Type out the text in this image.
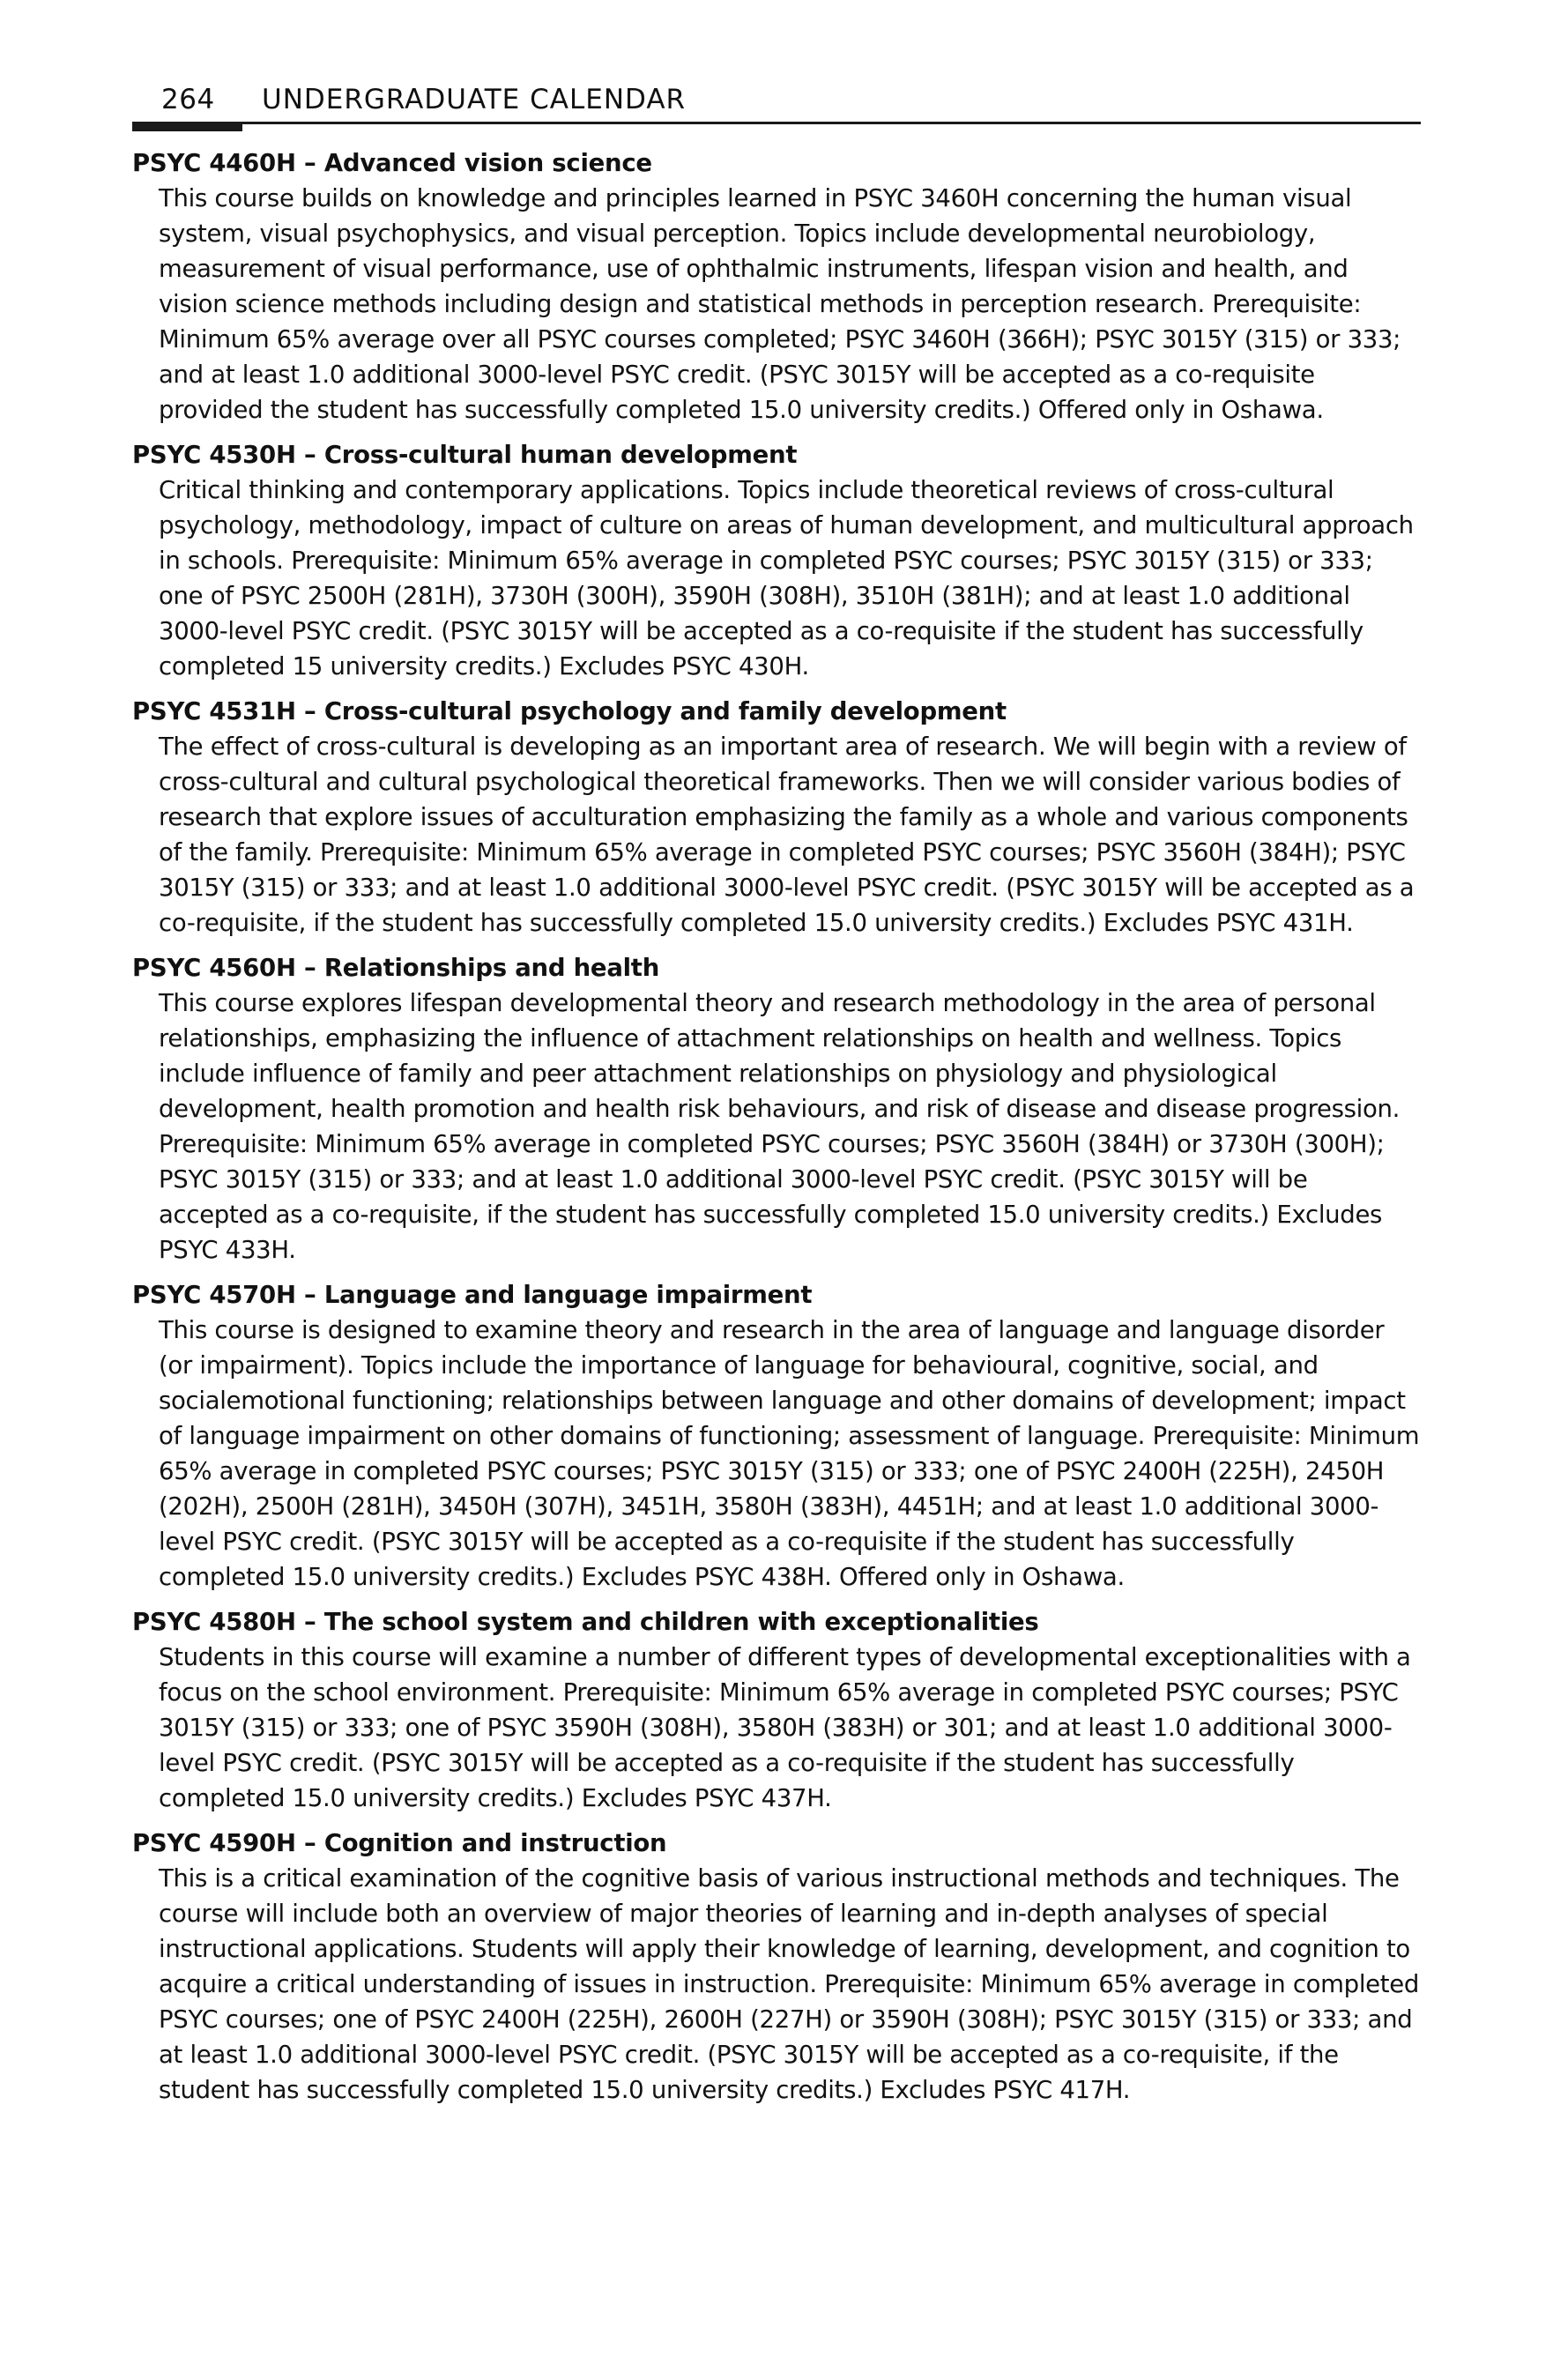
264 UNDERGRADUATE CALENDAR

PSYC 4460H – Advanced vision science

This course builds on knowledge and principles learned in PSYC 3460H concerning the human visual system, visual psychophysics, and visual perception. Topics include developmental neurobiology, measurement of visual performance, use of ophthalmic instruments, lifespan vision and health, and vision science methods including design and statistical methods in perception research. Prerequisite: Minimum 65% average over all PSYC courses completed; PSYC 3460H (366H); PSYC 3015Y (315) or 333; and at least 1.0 additional 3000-level PSYC credit. (PSYC 3015Y will be accepted as a co-requisite provided the student has successfully completed 15.0 university credits.) Offered only in Oshawa.

PSYC 4530H – Cross-cultural human development

Critical thinking and contemporary applications. Topics include theoretical reviews of cross-cultural psychology, methodology, impact of culture on areas of human development, and multicultural approach in schools. Prerequisite: Minimum 65% average in completed PSYC courses; PSYC 3015Y (315) or 333; one of PSYC 2500H (281H), 3730H (300H), 3590H (308H), 3510H (381H); and at least 1.0 additional 3000-level PSYC credit. (PSYC 3015Y will be accepted as a co-requisite if the student has successfully completed 15 university credits.) Excludes PSYC 430H.

PSYC 4531H – Cross-cultural psychology and family development

The effect of cross-cultural is developing as an important area of research. We will begin with a review of cross-cultural and cultural psychological theoretical frameworks. Then we will consider various bodies of research that explore issues of acculturation emphasizing the family as a whole and various components of the family. Prerequisite: Minimum 65% average in completed PSYC courses; PSYC 3560H (384H); PSYC 3015Y (315) or 333; and at least 1.0 additional 3000-level PSYC credit. (PSYC 3015Y will be accepted as a co-requisite, if the student has successfully completed 15.0 university credits.) Excludes PSYC 431H.

PSYC 4560H – Relationships and health

This course explores lifespan developmental theory and research methodology in the area of personal relationships, emphasizing the influence of attachment relationships on health and wellness. Topics include influence of family and peer attachment relationships on physiology and physiological development, health promotion and health risk behaviours, and risk of disease and disease progression. Prerequisite: Minimum 65% average in completed PSYC courses; PSYC 3560H (384H) or 3730H (300H); PSYC 3015Y (315) or 333; and at least 1.0 additional 3000-level PSYC credit. (PSYC 3015Y will be accepted as a co-requisite, if the student has successfully completed 15.0 university credits.) Excludes PSYC 433H.

PSYC 4570H – Language and language impairment

This course is designed to examine theory and research in the area of language and language disorder (or impairment). Topics include the importance of language for behavioural, cognitive, social, and socialemotional functioning; relationships between language and other domains of development; impact of language impairment on other domains of functioning; assessment of language. Prerequisite: Minimum 65% average in completed PSYC courses; PSYC 3015Y (315) or 333; one of PSYC 2400H (225H), 2450H (202H), 2500H (281H), 3450H (307H), 3451H, 3580H (383H), 4451H; and at least 1.0 additional 3000-level PSYC credit. (PSYC 3015Y will be accepted as a co-requisite if the student has successfully completed 15.0 university credits.) Excludes PSYC 438H. Offered only in Oshawa.

PSYC 4580H – The school system and children with exceptionalities

Students in this course will examine a number of different types of developmental exceptionalities with a focus on the school environment. Prerequisite: Minimum 65% average in completed PSYC courses; PSYC 3015Y (315) or 333; one of PSYC 3590H (308H), 3580H (383H) or 301; and at least 1.0 additional 3000-level PSYC credit. (PSYC 3015Y will be accepted as a co-requisite if the student has successfully completed 15.0 university credits.) Excludes PSYC 437H.

PSYC 4590H – Cognition and instruction

This is a critical examination of the cognitive basis of various instructional methods and techniques. The course will include both an overview of major theories of learning and in-depth analyses of special instructional applications. Students will apply their knowledge of learning, development, and cognition to acquire a critical understanding of issues in instruction. Prerequisite: Minimum 65% average in completed PSYC courses; one of PSYC 2400H (225H), 2600H (227H) or 3590H (308H); PSYC 3015Y (315) or 333; and at least 1.0 additional 3000-level PSYC credit. (PSYC 3015Y will be accepted as a co-requisite, if the student has successfully completed 15.0 university credits.) Excludes PSYC 417H.
